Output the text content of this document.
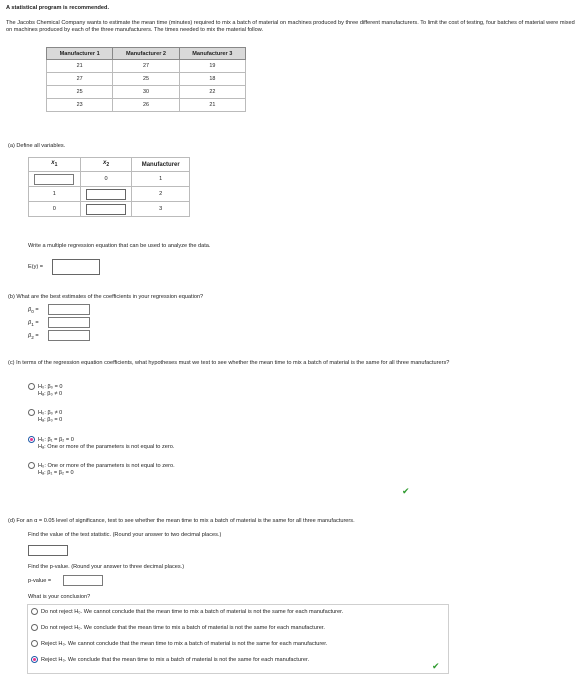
A statistical program is recommended.
The Jacobs Chemical Company wants to estimate the mean time (minutes) required to mix a batch of material on machines produced by three different manufacturers. To limit the cost of testing, four batches of material were mixed on machines produced by each of the three manufacturers. The times needed to mix the material follow.
Manufacturer 1	Manufacturer 2	Manufacturer 3
21	27	19
27	25	18
25	30	22
23	26	21
(a) Define all variables.
$x_1$	$x_2$	Manufacturer

	0	1
1		2
0		3
Write a multiple regression equation that can be used to analyze the data.
E(y) =
(b) What are the best estimates of the coefficients in your regression equation?
$\beta_0$ =
$\beta_1$ =
$\beta_2$ =
(c) In terms of the regression equation coefficients, what hypotheses must we test to see whether the mean time to mix a batch of material is the same for all three manufacturers?
H₀: β₀ = 0
Hₐ: β₀ ≠ 0
H₀: β₀ ≠ 0
Hₐ: β₀ = 0
H₀: β₁ = β₂ = 0
Hₐ: One or more of the parameters is not equal to zero.
H₀: One or more of the parameters is not equal to zero.
Hₐ: β₁ = β₂ = 0
✔
(d) For an α = 0.05 level of significance, test to see whether the mean time to mix a batch of material is the same for all three manufacturers.
Find the value of the test statistic. (Round your answer to two decimal places.)
Find the p-value. (Round your answer to three decimal places.)
p-value =
What is your conclusion?
Do not reject H₀. We cannot conclude that the mean time to mix a batch of material is not the same for each manufacturer.
Do not reject H₀. We conclude that the mean time to mix a batch of material is not the same for each manufacturer.
Reject H₀. We cannot conclude that the mean time to mix a batch of material is not the same for each manufacturer.
Reject H₀. We conclude that the mean time to mix a batch of material is not the same for each manufacturer.
✔
